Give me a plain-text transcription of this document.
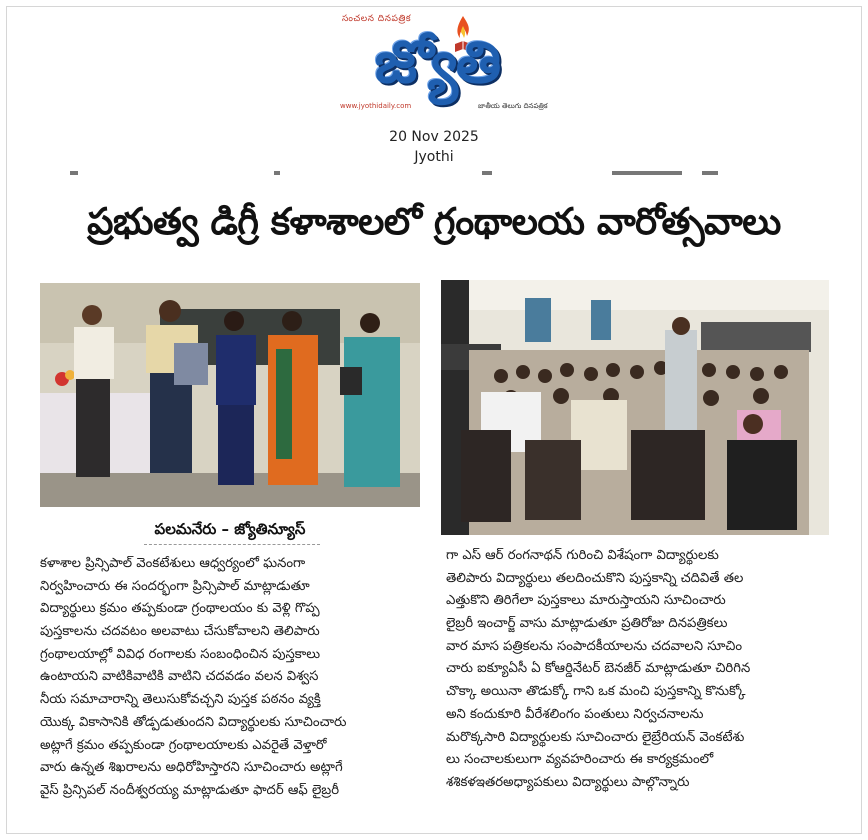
సంచలన దినపత్రిక
జ్యోతి
www.jyothidaily.com	జాతీయ తెలుగు దినపత్రిక
20 Nov 2025
Jyothi
ప్రభుత్వ డిగ్రీ కళాశాలలో గ్రంథాలయ వారోత్సవాలు
పలమనేరు – జ్యోతిన్యూస్
కళాశాల ప్రిన్సిపాల్ వెంకటేశులు ఆధ్వర్యంలో ఘనంగా
నిర్వహించారు ఈ సందర్భంగా ప్రిన్సిపాల్ మాట్లాడుతూ
విద్యార్థులు క్రమం తప్పకుండా గ్రంథాలయం కు వెళ్లి గొప్ప
పుస్తకాలను చదవటం అలవాటు చేసుకోవాలని తెలిపారు
గ్రంథాలయాల్లో వివిధ రంగాలకు సంబంధించిన పుస్తకాలు
ఉంటాయని వాటికివాటికి వాటిని చదవడం వలన విశ్వస
నీయ సమాచారాన్ని తెలుసుకోవచ్చని పుస్తక పఠనం వ్యక్తి
యొక్క వికాసానికి తోడ్పడుతుందని విద్యార్థులకు సూచించారు
అట్లాగే క్రమం తప్పకుండా గ్రంథాలయాలకు ఎవరైతే వెళ్తారో
వారు ఉన్నత శిఖరాలను అధిరోహిస్తారని సూచించారు అట్లాగే
వైస్ ప్రిన్సిపల్ నందీశ్వరయ్య మాట్లాడుతూ ఫాదర్ ఆఫ్ లైబ్రరీ
గా ఎస్ ఆర్ రంగనాథన్ గురించి విశేషంగా విద్యార్థులకు
తెలిపారు విద్యార్థులు తలదించుకొని పుస్తకాన్ని చదివితే తల
ఎత్తుకొని తిరిగేలా పుస్తకాలు మారుస్తాయని సూచించారు
లైబ్రరీ ఇంచార్జ్ వాసు మాట్లాడుతూ ప్రతిరోజు దినపత్రికలు
వార మాస పత్రికలను సంపాదకీయాలను చదవాలని సూచిం
చారు ఐక్యూఏసీ ఏ కోఆర్డినేటర్ బెనజీర్ మాట్లాడుతూ చిరిగిన
చొక్కా అయినా తొడుక్కో గాని ఒక మంచి పుస్తకాన్ని కొనుక్కో
అని కందుకూరి వీరేశలింగం పంతులు నిర్వచనాలను
మరొక్కసారి విద్యార్థులకు సూచించారు లైబ్రేరియన్ వెంకటేశు
లు సంచాలకులుగా వ్యవహరించారు ఈ కార్యక్రమంలో
శశికళఇతరఅధ్యాపకులు విద్యార్థులు పాల్గొన్నారు
